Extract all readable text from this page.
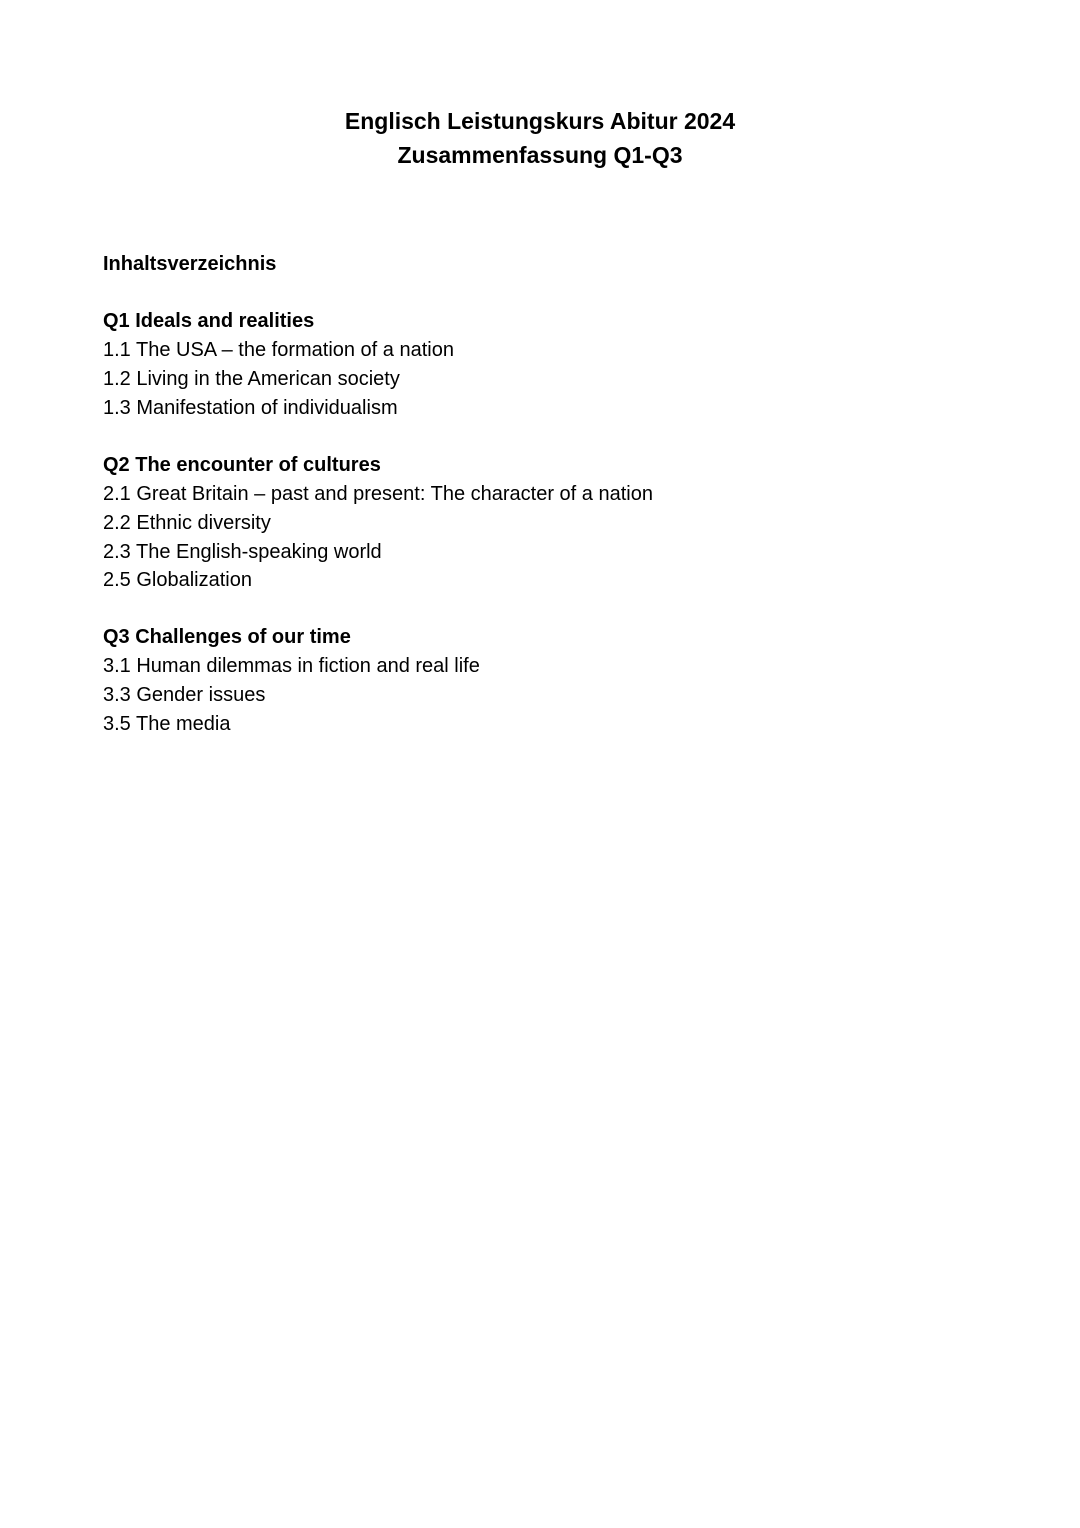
Englisch Leistungskurs Abitur 2024
Zusammenfassung Q1-Q3
Inhaltsverzeichnis
Q1 Ideals and realities
1.1 The USA – the formation of a nation
1.2 Living in the American society
1.3 Manifestation of individualism
Q2 The encounter of cultures
2.1 Great Britain – past and present: The character of a nation
2.2 Ethnic diversity
2.3 The English-speaking world
2.5 Globalization
Q3 Challenges of our time
3.1 Human dilemmas in fiction and real life
3.3 Gender issues
3.5 The media
